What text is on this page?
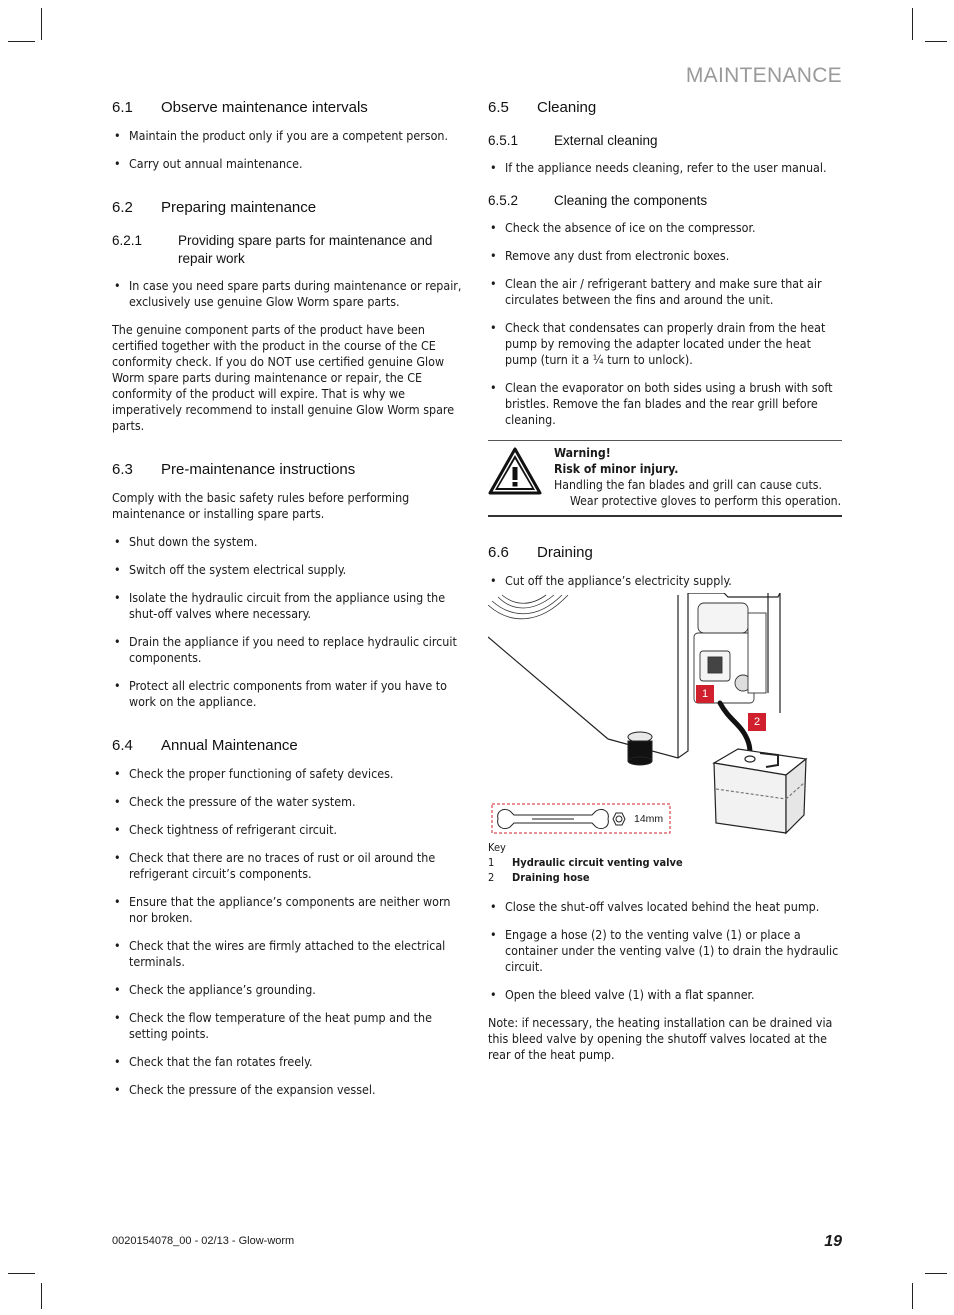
MAINTENANCE
6.1 Observe maintenance intervals
• Maintain the product only if you are a competent person.
• Carry out annual maintenance.
6.2 Preparing maintenance
6.2.1	Providing spare parts for maintenance and repair work
• In case you need spare parts during maintenance or repair, exclusively use genuine Glow Worm spare parts.

The genuine component parts of the product have been certified together with the product in the course of the CE conformity check. If you do NOT use certified genuine Glow Worm spare parts during maintenance or repair, the CE conformity of the product will expire. That is why we imperatively recommend to install genuine Glow Worm spare parts.

6.3 Pre-maintenance instructions

Comply with the basic safety rules before performing maintenance or installing spare parts.

• Shut down the system.
• Switch off the system electrical supply.
• Isolate the hydraulic circuit from the appliance using the shut-off valves where necessary.
• Drain the appliance if you need to replace hydraulic circuit components.
• Protect all electric components from water if you have to work on the appliance.
6.4 Annual Maintenance
• Check the proper functioning of safety devices.
• Check the pressure of the water system.
• Check tightness of refrigerant circuit.
• Check that there are no traces of rust or oil around the refrigerant circuit’s components.
• Ensure that the appliance’s components are neither worn nor broken.
• Check that the wires are firmly attached to the electrical terminals.
• Check the appliance’s grounding.
• Check the flow temperature of the heat pump and the setting points.
• Check that the fan rotates freely.
• Check the pressure of the expansion vessel.
6.5 Cleaning
6.5.1	External cleaning
• If the appliance needs cleaning, refer to the user manual.
6.5.2	Cleaning the components
• Check the absence of ice on the compressor.
• Remove any dust from electronic boxes.
• Clean the air / refrigerant battery and make sure that air circulates between the fins and around the unit.
• Check that condensates can properly drain from the heat pump by removing the adapter located under the heat pump (turn it a ¼ turn to unlock).
• Clean the evaporator on both sides using a brush with soft bristles. Remove the fan blades and the rear grill before cleaning.
Warning!
Risk of minor injury.
Handling the fan blades and grill can cause cuts.
Wear protective gloves to perform this operation.
6.6 Draining
• Cut off the appliance’s electricity supply.
1
2
14mm
Key
1	Hydraulic circuit venting valve
2	Draining hose
• Close the shut-off valves located behind the heat pump.
• Engage a hose (2) to the venting valve (1) or place a container under the venting valve (1) to drain the hydraulic circuit.
• Open the bleed valve (1) with a flat spanner.

Note: if necessary, the heating installation can be drained via this bleed valve by opening the shutoff valves located at the rear of the heat pump.

0020154078_00 - 02/13 - Glow-worm	19
